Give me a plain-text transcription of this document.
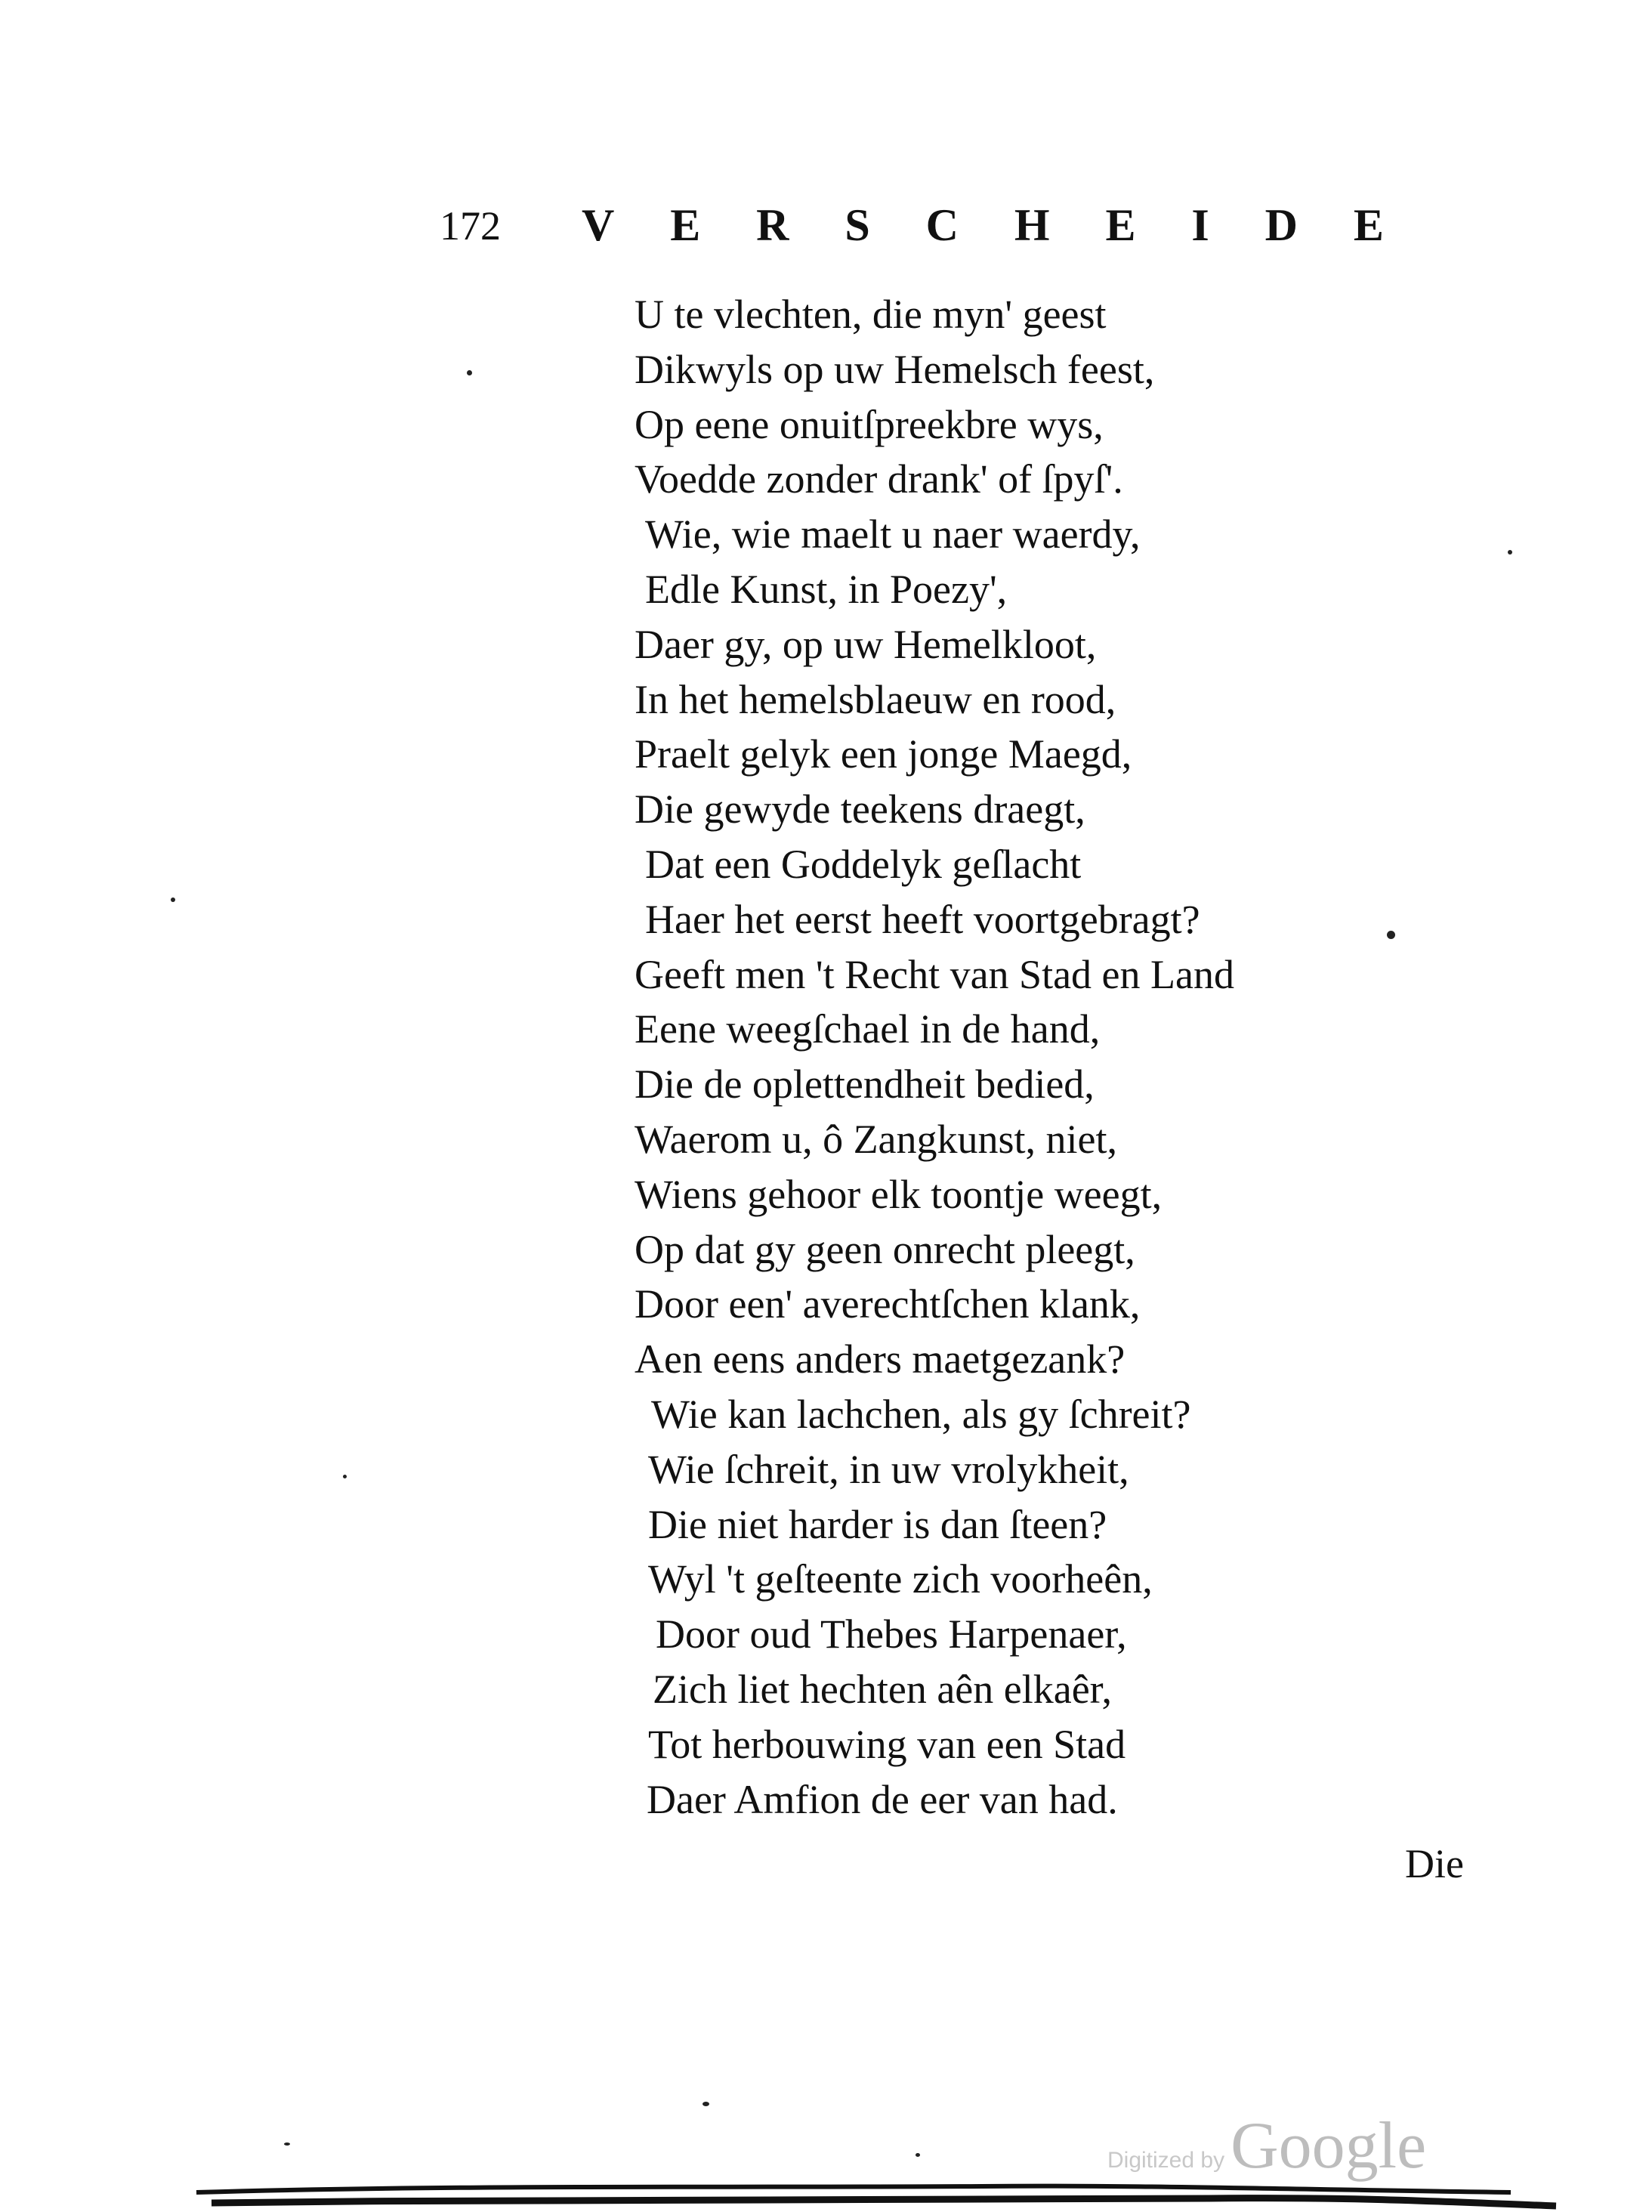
172 V E R S C H E I D E
U te vlechten, die myn' geest
Dikwyls op uw Hemelsch feest,
Op eene onuitſpreekbre wys,
Voedde zonder drank' of ſpyſ'.
Wie, wie maelt u naer waerdy,
Edle Kunst, in Poezy',
Daer gy, op uw Hemelkloot,
In het hemelsblaeuw en rood,
Praelt gelyk een jonge Maegd,
Die gewyde teekens draegt,
Dat een Goddelyk geſlacht
Haer het eerst heeft voortgebragt?
Geeft men 't Recht van Stad en Land
Eene weegſchael in de hand,
Die de oplettendheit bedied,
Waerom u, ô Zangkunst, niet,
Wiens gehoor elk toontje weegt,
Op dat gy geen onrecht pleegt,
Door een' averechtſchen klank,
Aen eens anders maetgezank?
Wie kan lachchen, als gy ſchreit?
Wie ſchreit, in uw vrolykheit,
Die niet harder is dan ſteen?
Wyl 't geſteente zich voorheên,
Door oud Thebes Harpenaer,
Zich liet hechten aên elkaêr,
Tot herbouwing van een Stad
Daer Amfion de eer van had.
Die
Digitized by Google
